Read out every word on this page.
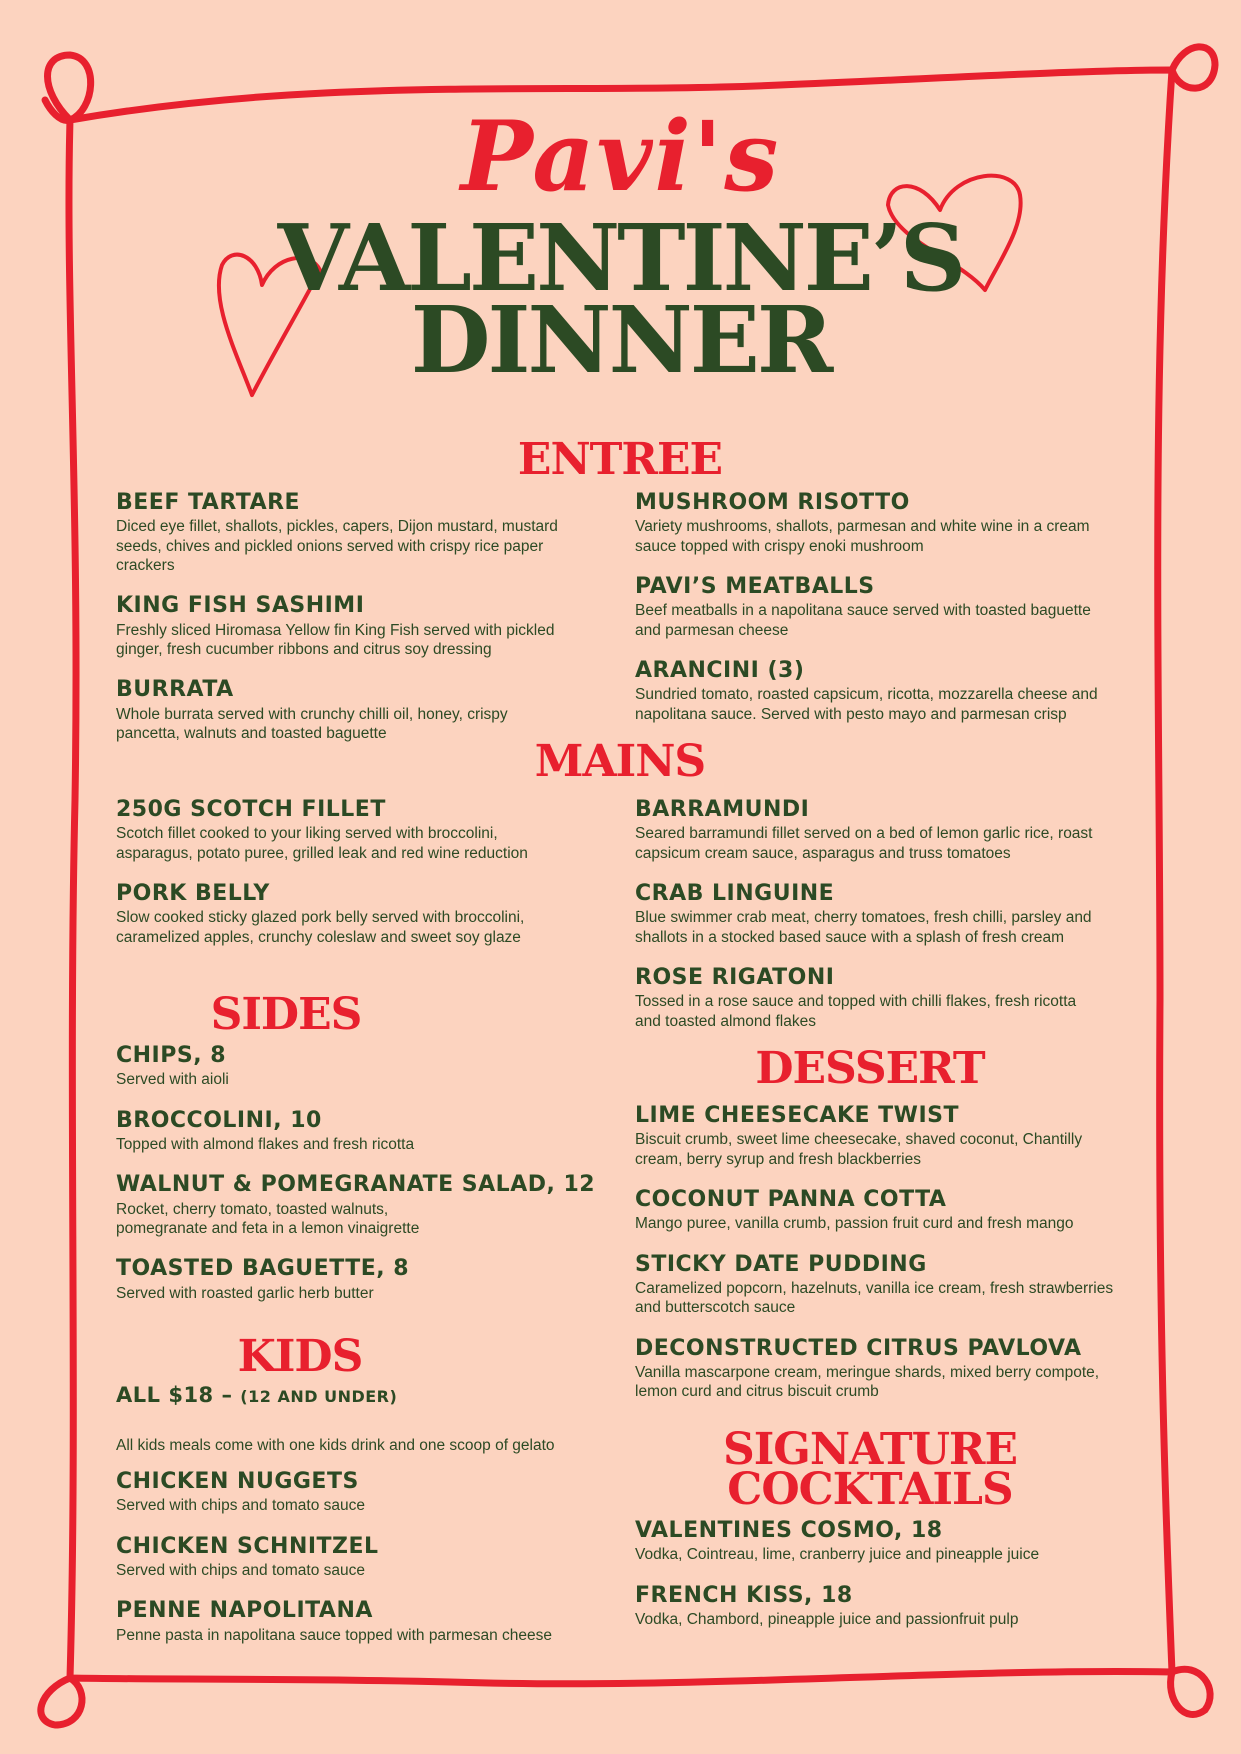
Pavi's
VALENTINE’S
DINNER
ENTREE
BEEF TARTARE
Diced eye fillet, shallots, pickles, capers, Dijon mustard, mustard seeds, chives and pickled onions served with crispy rice paper crackers
KING FISH SASHIMI
Freshly sliced Hiromasa Yellow fin King Fish served with pickled ginger, fresh cucumber ribbons and citrus soy dressing
BURRATA
Whole burrata served with crunchy chilli oil, honey, crispy pancetta, walnuts and toasted baguette
MUSHROOM RISOTTO
Variety mushrooms, shallots, parmesan and white wine in a cream sauce topped with crispy enoki mushroom
PAVI’S MEATBALLS
Beef meatballs in a napolitana sauce served with toasted baguette and parmesan cheese
ARANCINI (3)
Sundried tomato, roasted capsicum, ricotta, mozzarella cheese and napolitana sauce. Served with pesto mayo and parmesan crisp
MAINS
250G SCOTCH FILLET
Scotch fillet cooked to your liking served with broccolini, asparagus, potato puree, grilled leak and red wine reduction
PORK BELLY
Slow cooked sticky glazed pork belly served with broccolini, caramelized apples, crunchy coleslaw and sweet soy glaze
BARRAMUNDI
Seared barramundi fillet served on a bed of lemon garlic rice, roast capsicum cream sauce, asparagus and truss tomatoes
CRAB LINGUINE
Blue swimmer crab meat, cherry tomatoes, fresh chilli, parsley and shallots in a stocked based sauce with a splash of fresh cream
ROSE RIGATONI
Tossed in a rose sauce and topped with chilli flakes, fresh ricotta and toasted almond flakes
SIDES
CHIPS, 8
Served with aioli
BROCCOLINI, 10
Topped with almond flakes and fresh ricotta
WALNUT & POMEGRANATE SALAD, 12
Rocket, cherry tomato, toasted walnuts, pomegranate and feta in a lemon vinaigrette
TOASTED BAGUETTE, 8
Served with roasted garlic herb butter
KIDS
ALL $18 – (12 AND UNDER)
All kids meals come with one kids drink and one scoop of gelato
CHICKEN NUGGETS
Served with chips and tomato sauce
CHICKEN SCHNITZEL
Served with chips and tomato sauce
PENNE NAPOLITANA
Penne pasta in napolitana sauce topped with parmesan cheese
DESSERT
LIME CHEESECAKE TWIST
Biscuit crumb, sweet lime cheesecake, shaved coconut, Chantilly cream, berry syrup and fresh blackberries
COCONUT PANNA COTTA
Mango puree, vanilla crumb, passion fruit curd and fresh mango
STICKY DATE PUDDING
Caramelized popcorn, hazelnuts, vanilla ice cream, fresh strawberries and butterscotch sauce
DECONSTRUCTED CITRUS PAVLOVA
Vanilla mascarpone cream, meringue shards, mixed berry compote, lemon curd and citrus biscuit crumb
SIGNATURE
COCKTAILS
VALENTINES COSMO, 18
Vodka, Cointreau, lime, cranberry juice and pineapple juice
FRENCH KISS, 18
Vodka, Chambord, pineapple juice and passionfruit pulp
